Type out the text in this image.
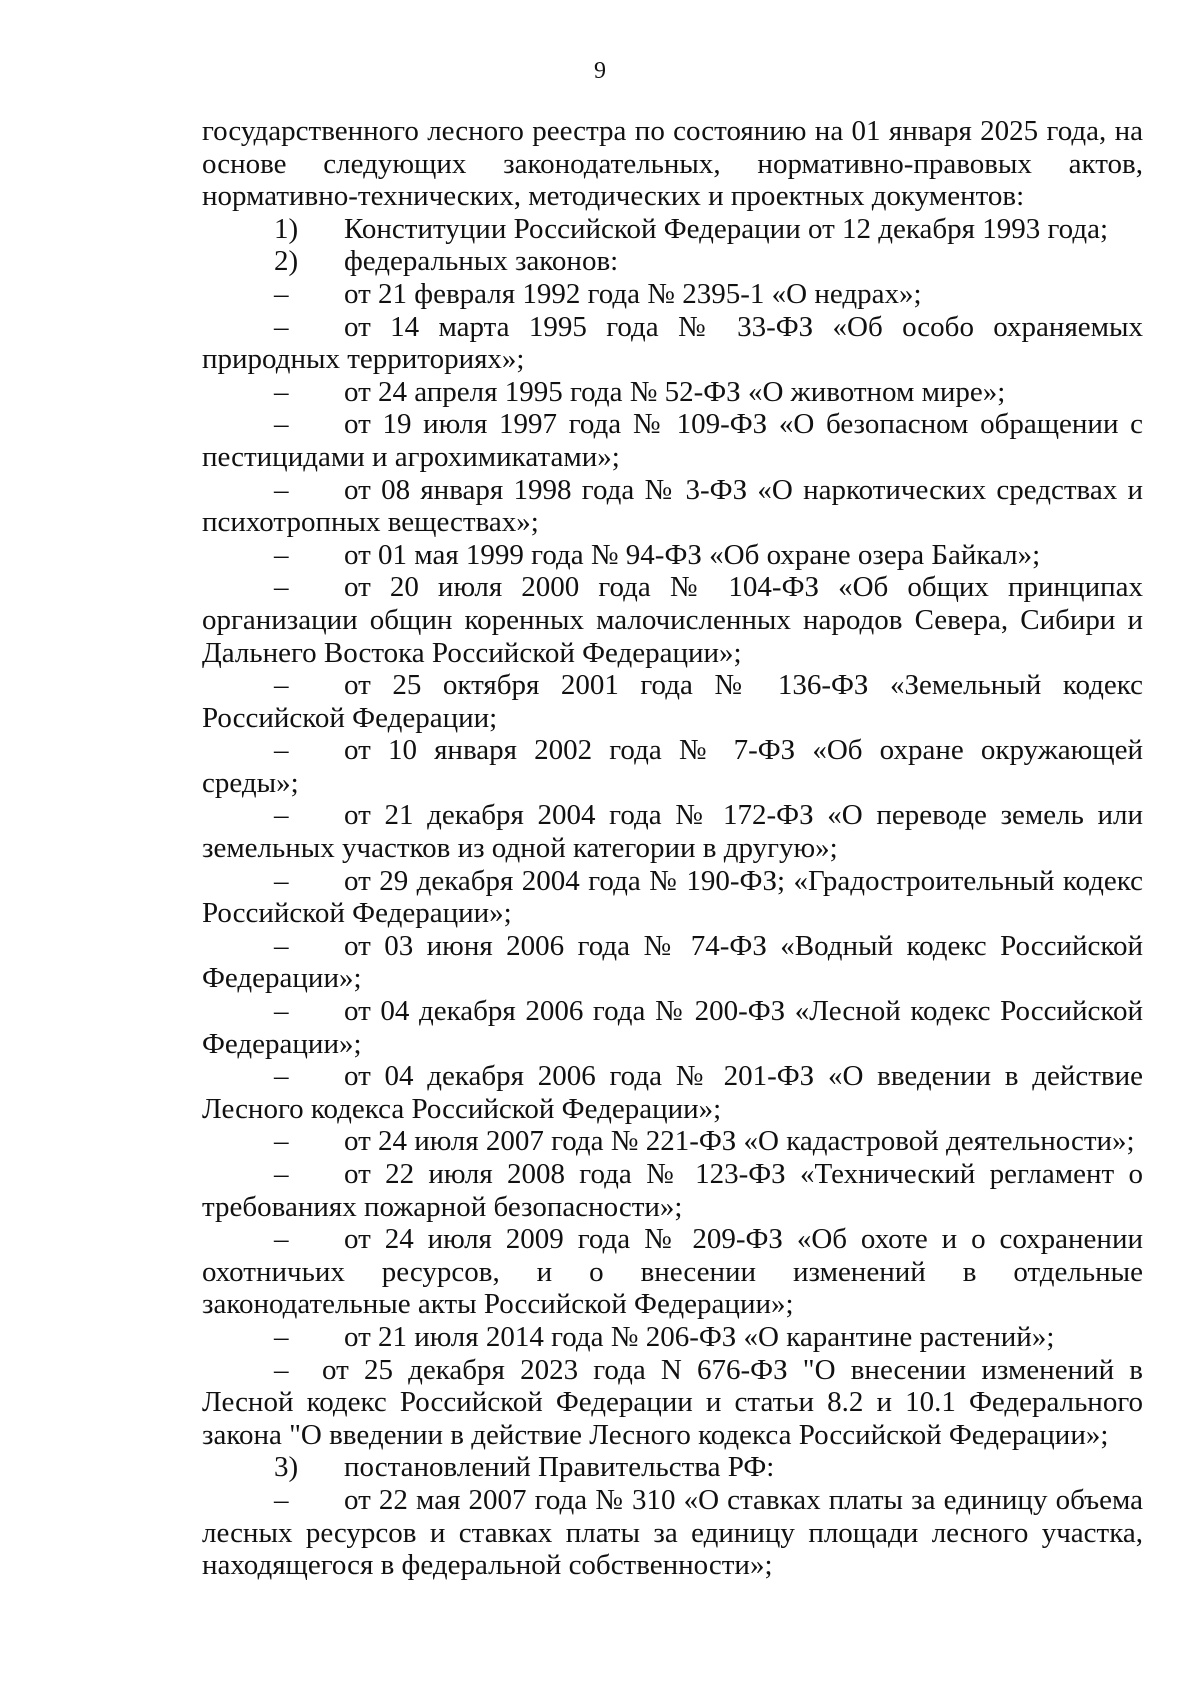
9

государственного лесного реестра по состоянию на 01 января 2025 года, на основе следующих законодательных, нормативно-правовых актов, нормативно-технических, методических и проектных документов:

1) Конституции Российской Федерации от 12 декабря 1993 года;

2) федеральных законов:

– от 21 февраля 1992 года № 2395-1 «О недрах»;

– от 14 марта 1995 года № 33-ФЗ «Об особо охраняемых природных территориях»;

– от 24 апреля 1995 года № 52-ФЗ «О животном мире»;

– от 19 июля 1997 года № 109-ФЗ «О безопасном обращении с пестицидами и агрохимикатами»;

– от 08 января 1998 года № 3-ФЗ «О наркотических средствах и психотропных веществах»;

– от 01 мая 1999 года № 94-ФЗ «Об охране озера Байкал»;

– от 20 июля 2000 года № 104-ФЗ «Об общих принципах организации общин коренных малочисленных народов Севера, Сибири и Дальнего Востока Российской Федерации»;

– от 25 октября 2001 года № 136-ФЗ «Земельный кодекс Российской Федерации;

– от 10 января 2002 года № 7-ФЗ «Об охране окружающей среды»;

– от 21 декабря 2004 года № 172-ФЗ «О переводе земель или земельных участков из одной категории в другую»;

– от 29 декабря 2004 года № 190-ФЗ; «Градостроительный кодекс Российской Федерации»;

– от 03 июня 2006 года № 74-ФЗ «Водный кодекс Российской Федерации»;

– от 04 декабря 2006 года № 200-ФЗ «Лесной кодекс Российской Федерации»;

– от 04 декабря 2006 года № 201-ФЗ «О введении в действие Лесного кодекса Российской Федерации»;

– от 24 июля 2007 года № 221-ФЗ «О кадастровой деятельности»;

– от 22 июля 2008 года № 123-ФЗ «Технический регламент о требованиях пожарной безопасности»;

– от 24 июля 2009 года № 209-ФЗ «Об охоте и о сохранении охотничьих ресурсов, и о внесении изменений в отдельные законодательные акты Российской Федерации»;

– от 21 июля 2014 года № 206-ФЗ «О карантине растений»;

– от 25 декабря 2023 года N 676-ФЗ "О внесении изменений в Лесной кодекс Российской Федерации и статьи 8.2 и 10.1 Федерального закона "О введении в действие Лесного кодекса Российской Федерации»;

3) постановлений Правительства РФ:

– от 22 мая 2007 года № 310 «О ставках платы за единицу объема лесных ресурсов и ставках платы за единицу площади лесного участка, находящегося в федеральной собственности»;
